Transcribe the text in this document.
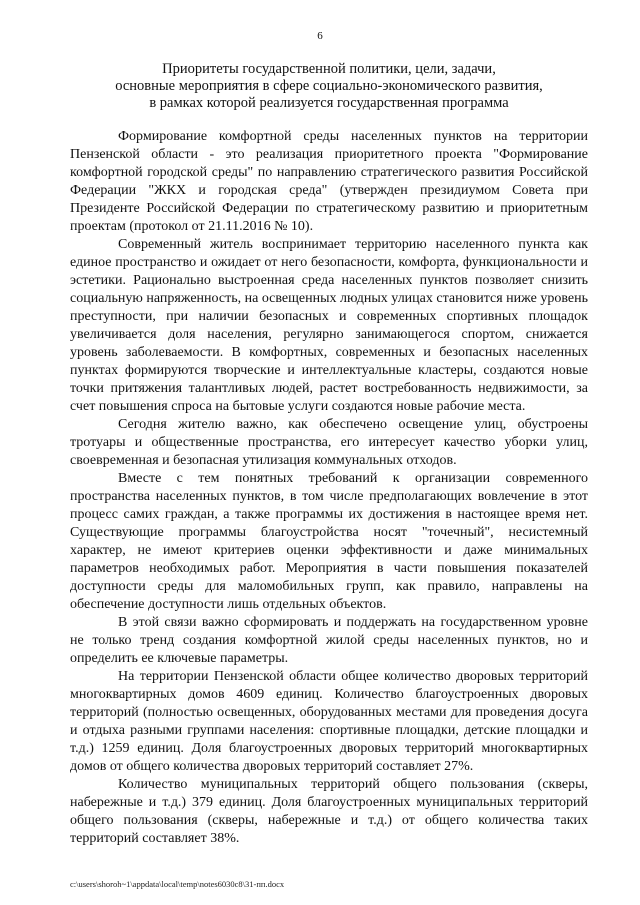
6
Приоритеты государственной политики, цели, задачи,
основные мероприятия в сфере социально-экономического развития,
в рамках которой реализуется государственная программа

Формирование комфортной среды населенных пунктов на территории Пензенской области - это реализация приоритетного проекта "Формирование комфортной городской среды" по направлению стратегического развития Российской Федерации "ЖКХ и городская среда" (утвержден президиумом Совета при Президенте Российской Федерации по стратегическому развитию и приоритетным проектам (протокол от 21.11.2016 № 10).

Современный житель воспринимает территорию населенного пункта как единое пространство и ожидает от него безопасности, комфорта, функциональности и эстетики. Рационально выстроенная среда населенных пунктов позволяет снизить социальную напряженность, на освещенных людных улицах становится ниже уровень преступности, при наличии безопасных и современных спортивных площадок увеличивается доля населения, регулярно занимающегося спортом, снижается уровень заболеваемости. В комфортных, современных и безопасных населенных пунктах формируются творческие и интеллектуальные кластеры, создаются новые точки притяжения талантливых людей, растет востребованность недвижимости, за счет повышения спроса на бытовые услуги создаются новые рабочие места.

Сегодня жителю важно, как обеспечено освещение улиц, обустроены тротуары и общественные пространства, его интересует качество уборки улиц, своевременная и безопасная утилизация коммунальных отходов.

Вместе с тем понятных требований к организации современного пространства населенных пунктов, в том числе предполагающих вовлечение в этот процесс самих граждан, а также программы их достижения в настоящее время нет. Существующие программы благоустройства носят "точечный", несистемный характер, не имеют критериев оценки эффективности и даже минимальных параметров необходимых работ. Мероприятия в части повышения показателей доступности среды для маломобильных групп, как правило, направлены на обеспечение доступности лишь отдельных объектов.

В этой связи важно сформировать и поддержать на государственном уровне не только тренд создания комфортной жилой среды населенных пунктов, но и определить ее ключевые параметры.

На территории Пензенской области общее количество дворовых территорий многоквартирных домов 4609 единиц. Количество благоустроенных дворовых территорий (полностью освещенных, оборудованных местами для проведения досуга и отдыха разными группами населения: спортивные площадки, детские площадки и т.д.) 1259 единиц. Доля благоустроенных дворовых территорий многоквартирных домов от общего количества дворовых территорий составляет 27%.

Количество муниципальных территорий общего пользования (скверы, набережные и т.д.) 379 единиц. Доля благоустроенных муниципальных территорий общего пользования (скверы, набережные и т.д.) от общего количества таких территорий составляет 38%.

c:\users\shoroh~1\appdata\local\temp\notes6030c8\31-пп.docx
